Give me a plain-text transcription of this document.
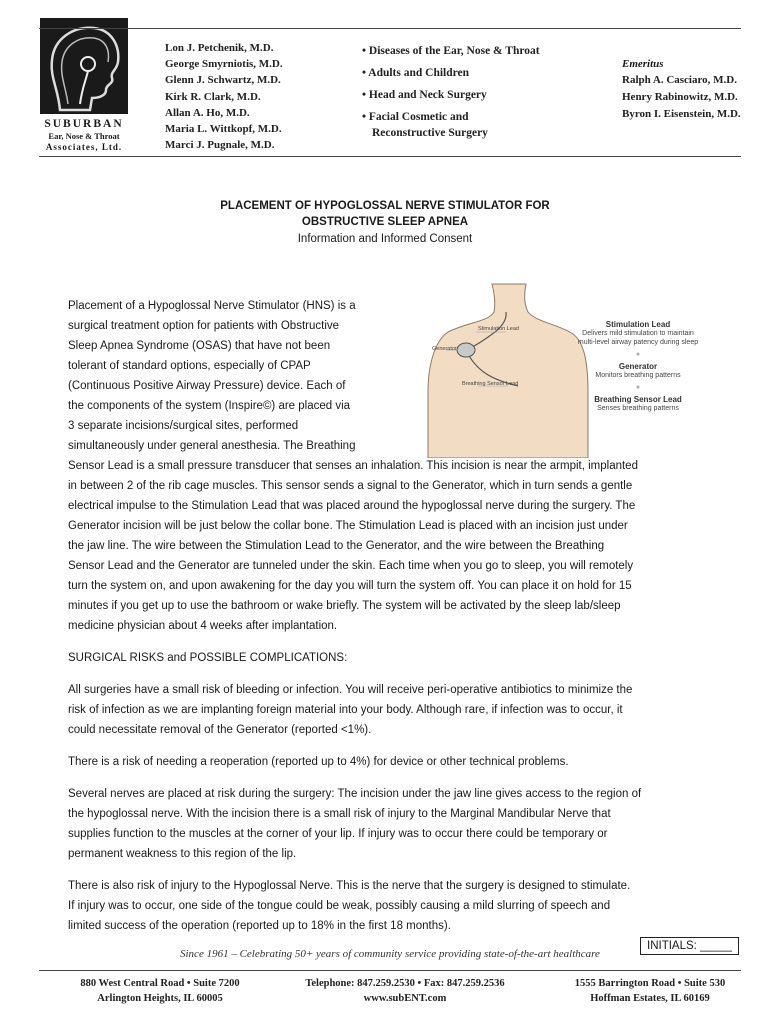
SUBURBAN
Ear, Nose & Throat
Associates, Ltd.
Lon J. Petchenik, M.D.
George Smyrniotis, M.D.
Glenn J. Schwartz, M.D.
Kirk R. Clark, M.D.
Allan A. Ho, M.D.
Maria L. Wittkopf, M.D.
Marci J. Pugnale, M.D.
• Diseases of the Ear, Nose & Throat
• Adults and Children
• Head and Neck Surgery
• Facial Cosmetic and
Reconstructive Surgery
Emeritus
Ralph A. Casciaro, M.D.
Henry Rabinowitz, M.D.
Byron I. Eisenstein, M.D.
PLACEMENT OF HYPOGLOSSAL NERVE STIMULATOR FOR
OBSTRUCTIVE SLEEP APNEA
Information and Informed Consent
Placement of a Hypoglossal Nerve Stimulator (HNS) is a
surgical treatment option for patients with Obstructive
Sleep Apnea Syndrome (OSAS) that have not been
tolerant of standard options, especially of CPAP
(Continuous Positive Airway Pressure) device. Each of
the components of the system (Inspire©) are placed via
3 separate incisions/surgical sites, performed
simultaneously under general anesthesia. The Breathing
Stimulation Lead
Generator
Breathing Sensor Lead
Stimulation Lead
Delivers mild stimulation to maintain
multi-level airway patency during sleep
●
Generator
Monitors breathing patterns
●
Breathing Sensor Lead
Senses breathing patterns
Sensor Lead is a small pressure transducer that senses an inhalation. This incision is near the armpit, implanted
in between 2 of the rib cage muscles. This sensor sends a signal to the Generator, which in turn sends a gentle
electrical impulse to the Stimulation Lead that was placed around the hypoglossal nerve during the surgery. The
Generator incision will be just below the collar bone. The Stimulation Lead is placed with an incision just under
the jaw line. The wire between the Stimulation Lead to the Generator, and the wire between the Breathing
Sensor Lead and the Generator are tunneled under the skin. Each time when you go to sleep, you will remotely
turn the system on, and upon awakening for the day you will turn the system off. You can place it on hold for 15
minutes if you get up to use the bathroom or wake briefly. The system will be activated by the sleep lab/sleep
medicine physician about 4 weeks after implantation.
SURGICAL RISKS and POSSIBLE COMPLICATIONS:
All surgeries have a small risk of bleeding or infection. You will receive peri-operative antibiotics to minimize the
risk of infection as we are implanting foreign material into your body. Although rare, if infection was to occur, it
could necessitate removal of the Generator (reported <1%).
There is a risk of needing a reoperation (reported up to 4%) for device or other technical problems.
Several nerves are placed at risk during the surgery: The incision under the jaw line gives access to the region of
the hypoglossal nerve. With the incision there is a small risk of injury to the Marginal Mandibular Nerve that
supplies function to the muscles at the corner of your lip. If injury was to occur there could be temporary or
permanent weakness to this region of the lip.
There is also risk of injury to the Hypoglossal Nerve. This is the nerve that the surgery is designed to stimulate.
If injury was to occur, one side of the tongue could be weak, possibly causing a mild slurring of speech and
limited success of the operation (reported up to 18% in the first 18 months).
Since 1961 – Celebrating 50+ years of community service providing state-of-the-art healthcare
INITIALS: _____
880 West Central Road • Suite 7200
Arlington Heights, IL 60005
Telephone: 847.259.2530 • Fax: 847.259.2536
www.subENT.com
1555 Barrington Road • Suite 530
Hoffman Estates, IL 60169
